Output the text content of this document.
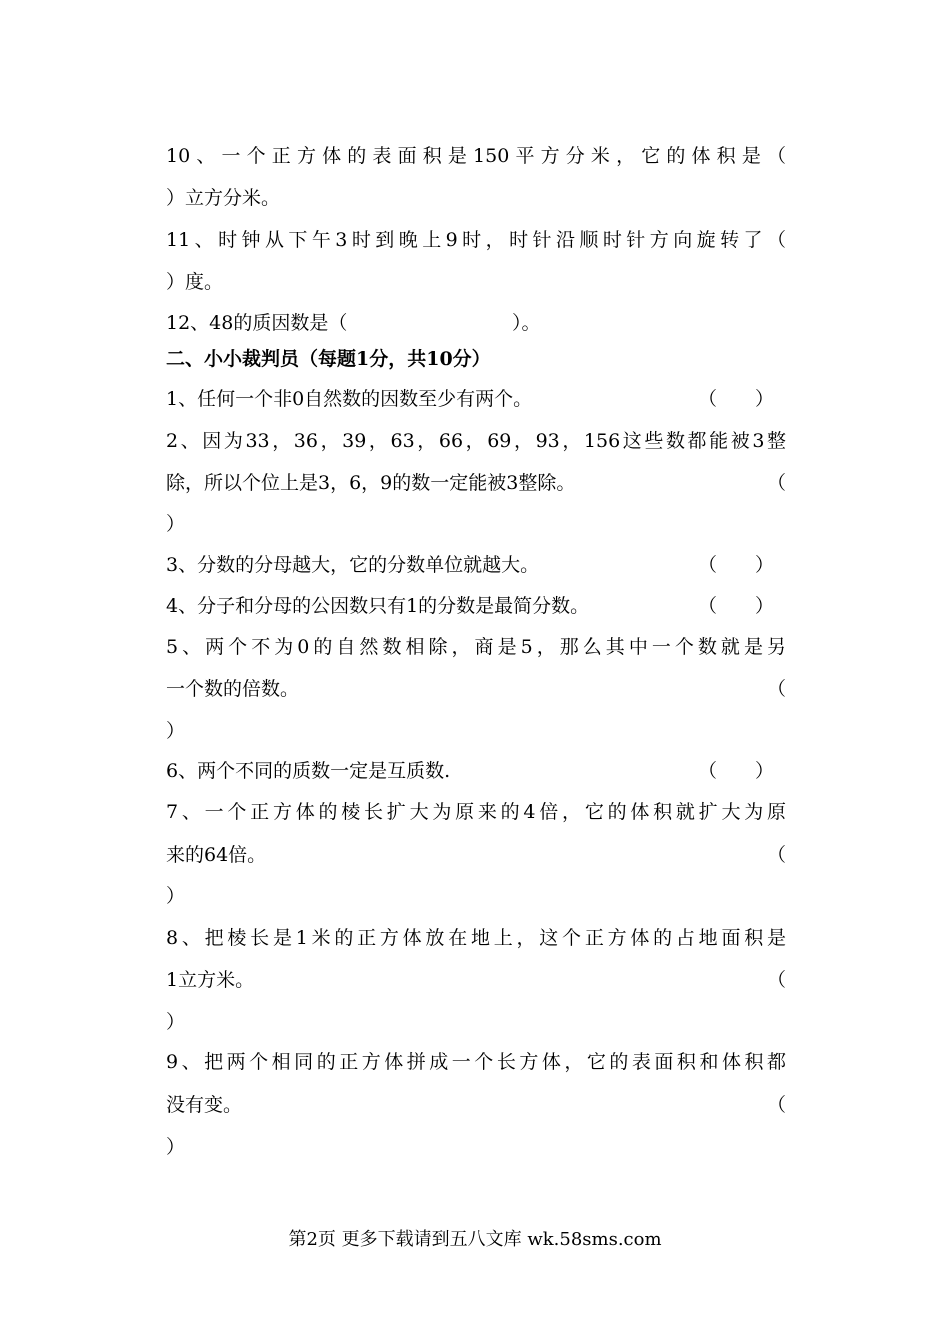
10、一个正方体的表面积是150平方分米，它的体积是（
）立方分米。
11、时钟从下午3时到晚上9时，时针沿顺时针方向旋转了（
）度。
12、48的质因数是（	）。
二、小小裁判员（每题1分，共10分）
1、任何一个非0自然数的因数至少有两个。	（　　）
2、因为33，36，39，63，66，69，93，156这些数都能被3整
除，所以个位上是3，6，9的数一定能被3整除。	（
）
3、分数的分母越大，它的分数单位就越大。	（　　）
4、分子和分母的公因数只有1的分数是最简分数。	（　　）
5、两个不为0的自然数相除，商是5，那么其中一个数就是另
一个数的倍数。	（
）
6、两个不同的质数一定是互质数.	（　　）
7、一个正方体的棱长扩大为原来的4倍，它的体积就扩大为原
来的64倍。	（
）
8、把棱长是1米的正方体放在地上，这个正方体的占地面积是
1立方米。	（
）
9、把两个相同的正方体拼成一个长方体，它的表面积和体积都
没有变。	（
）
第2页 更多下载请到五八文库 wk.58sms.com
